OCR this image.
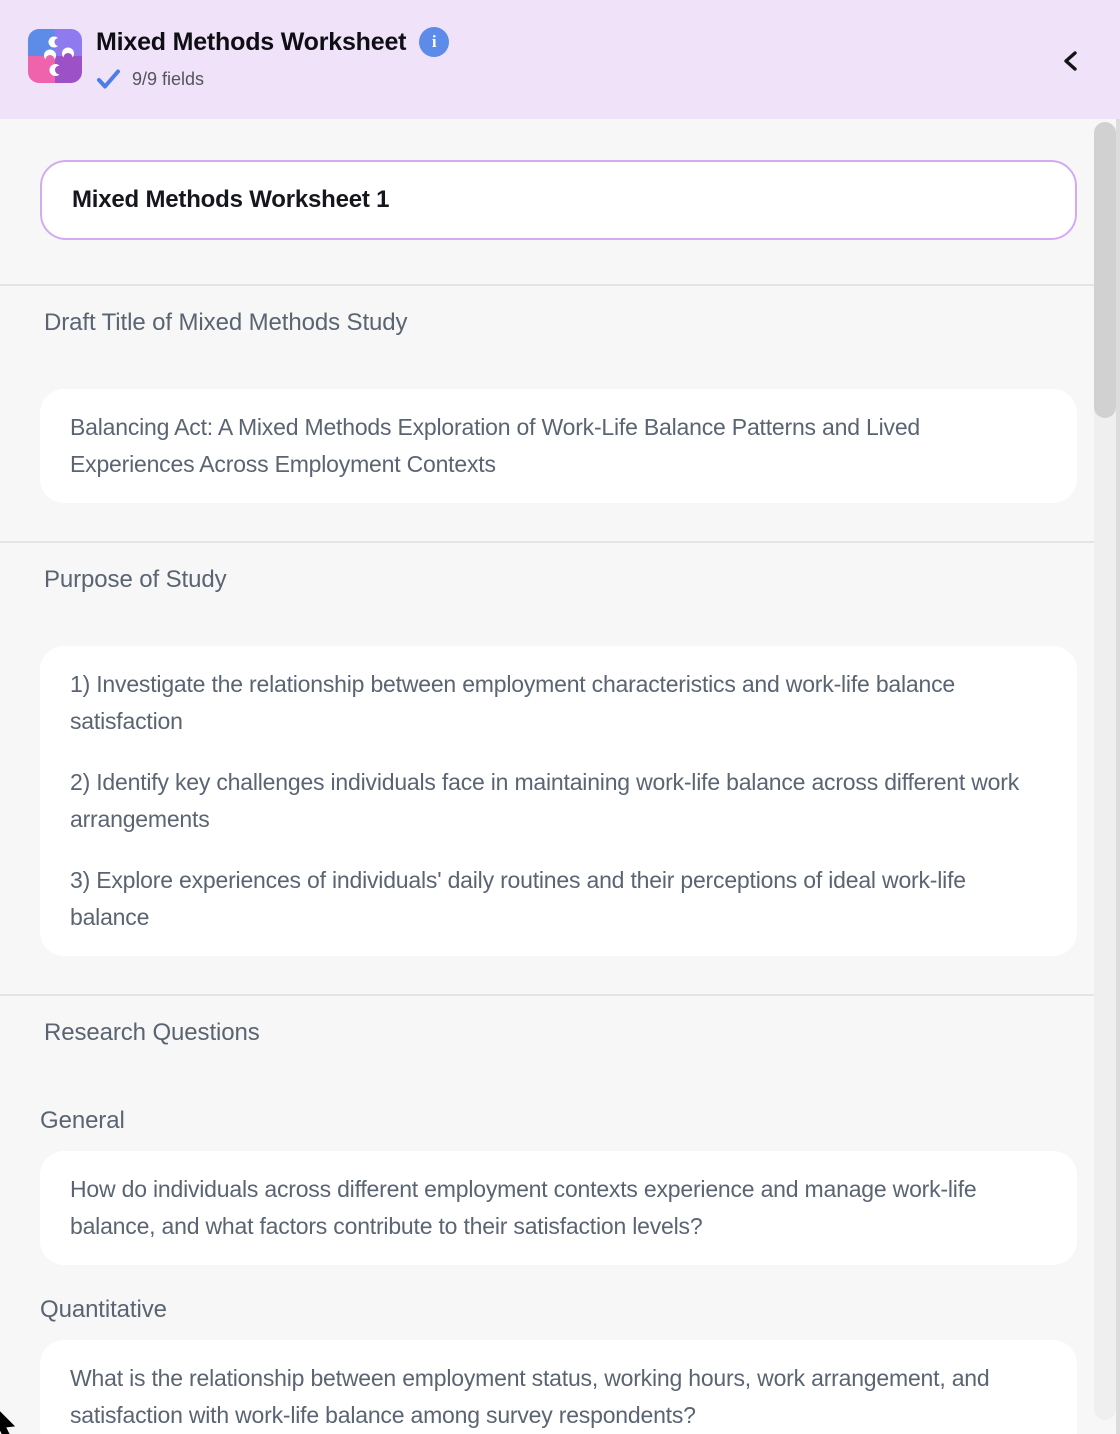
Mixed Methods Worksheet i
9/9 fields
Mixed Methods Worksheet 1
Draft Title of Mixed Methods Study

Balancing Act: A Mixed Methods Exploration of Work-Life Balance Patterns and Lived Experiences Across Employment Contexts

Purpose of Study

1) Investigate the relationship between employment characteristics and work-life balance satisfaction

2) Identify key challenges individuals face in maintaining work-life balance across different work arrangements

3) Explore experiences of individuals' daily routines and their perceptions of ideal work-life balance

Research Questions
General

How do individuals across different employment contexts experience and manage work-life balance, and what factors contribute to their satisfaction levels?

Quantitative

What is the relationship between employment status, working hours, work arrangement, and satisfaction with work-life balance among survey respondents?
